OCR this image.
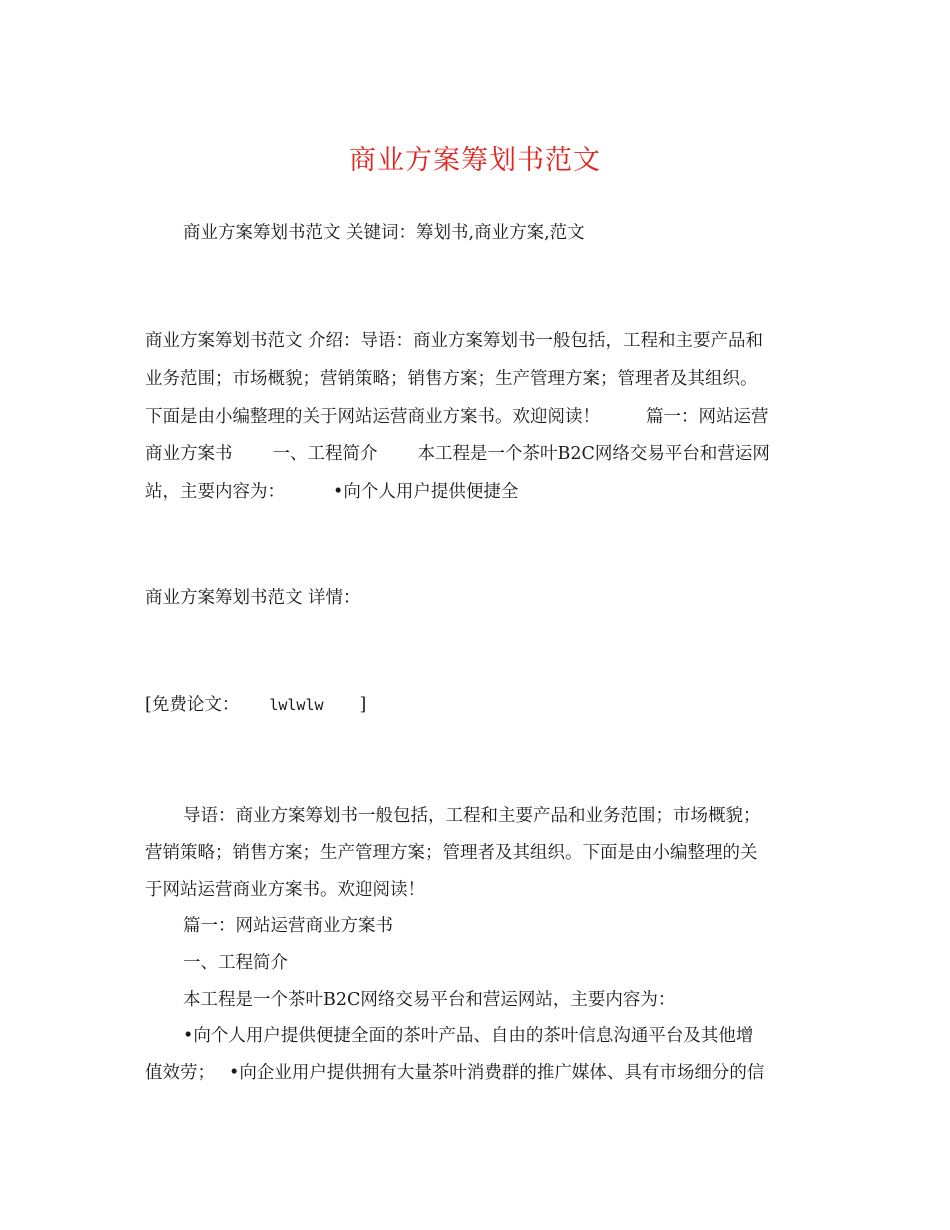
商业方案筹划书范文
商业方案筹划书范文 关键词：筹划书,商业方案,范文
商业方案筹划书范文 介绍：导语：商业方案筹划书一般包括，工程和主要产品和
业务范围；市场概貌；营销策略；销售方案；生产管理方案；管理者及其组织。
下面是由小编整理的关于网站运营商业方案书。欢迎阅读！	篇一：网站运营
商业方案书 一、工程简介 本工程是一个茶叶B2C网络交易平台和营运网
站，主要内容为：	•向个人用户提供便捷全
商业方案筹划书范文 详情：
[免费论文： lwlwlw ]
导语：商业方案筹划书一般包括，工程和主要产品和业务范围；市场概貌；
营销策略；销售方案；生产管理方案；管理者及其组织。下面是由小编整理的关
于网站运营商业方案书。欢迎阅读！
篇一：网站运营商业方案书
一、工程简介
本工程是一个茶叶B2C网络交易平台和营运网站，主要内容为：
•向个人用户提供便捷全面的茶叶产品、自由的茶叶信息沟通平台及其他增
值效劳； •向企业用户提供拥有大量茶叶消费群的推广媒体、具有市场细分的信
